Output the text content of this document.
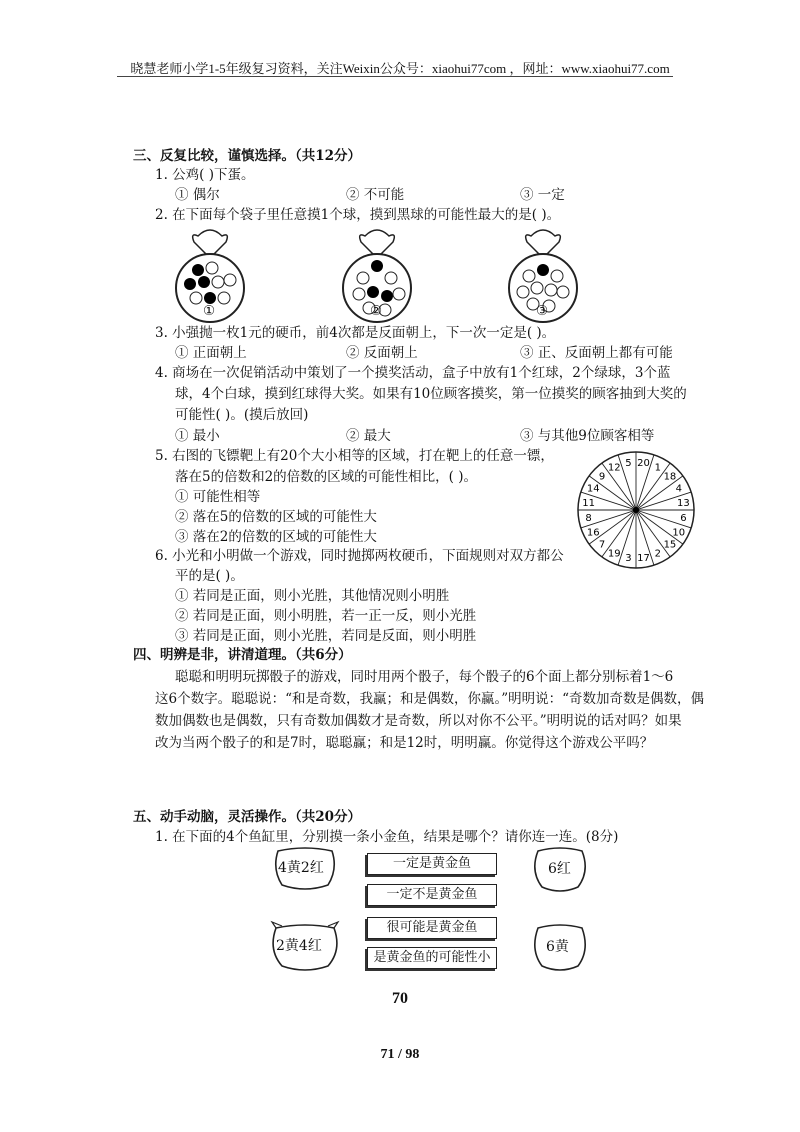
晓慧老师小学1-5年级复习资料，关注Weixin公众号：xiaohui77com ，网址：www.xiaohui77.com
三、反复比较，谨慎选择。（共12分）
1. 公鸡( )下蛋。
① 偶尔	② 不可能	③ 一定
2. 在下面每个袋子里任意摸1个球，摸到黑球的可能性最大的是( )。
①	②	③
3. 小强抛一枚1元的硬币，前4次都是反面朝上，下一次一定是( )。
① 正面朝上	② 反面朝上	③ 正、反面朝上都有可能
4. 商场在一次促销活动中策划了一个摸奖活动，盒子中放有1个红球，2个绿球，3个蓝
球，4个白球，摸到红球得大奖。如果有10位顾客摸奖，第一位摸奖的顾客抽到大奖的
可能性( )。(摸后放回)
① 最小	② 最大	③ 与其他9位顾客相等
5. 右图的飞镖靶上有20个大小相等的区域，打在靶上的任意一镖，
落在5的倍数和2的倍数的区域的可能性相比，( )。
① 可能性相等
② 落在5的倍数的区域的可能性大
③ 落在2的倍数的区域的可能性大
20 1
18
4
13
6
10
15
2
17
3
19
7
16
8
11
14
9
12 5
6. 小光和小明做一个游戏，同时抛掷两枚硬币，下面规则对双方都公
平的是( )。
① 若同是正面，则小光胜，其他情况则小明胜
② 若同是正面，则小明胜，若一正一反，则小光胜
③ 若同是正面，则小光胜，若同是反面，则小明胜
四、明辨是非，讲清道理。（共6分）
聪聪和明明玩掷骰子的游戏，同时用两个骰子，每个骰子的6个面上都分别标着1～6
这6个数字。聪聪说：“和是奇数，我赢；和是偶数，你赢。”明明说：“奇数加奇数是偶数，偶
数加偶数也是偶数，只有奇数加偶数才是奇数，所以对你不公平。”明明说的话对吗？如果
改为当两个骰子的和是7时，聪聪赢；和是12时，明明赢。你觉得这个游戏公平吗？
五、动手动脑，灵活操作。（共20分）
1. 在下面的4个鱼缸里，分别摸一条小金鱼，结果是哪个？请你连一连。(8分)
4黄2红	6红
2黄4红	6黄
一定是黄金鱼
一定不是黄金鱼
很可能是黄金鱼
是黄金鱼的可能性小
70
71 / 98
